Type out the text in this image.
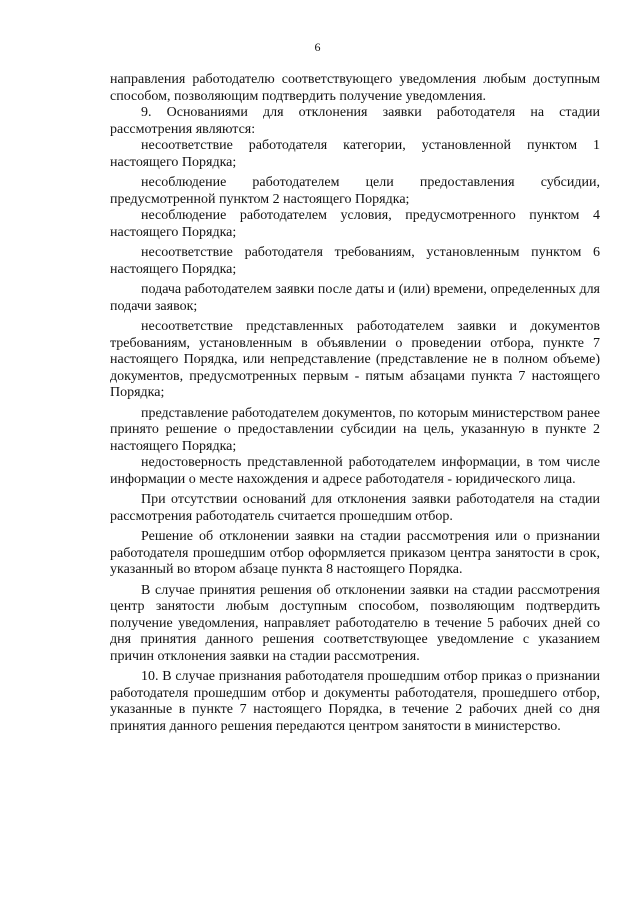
6

направления работодателю соответствующего уведомления любым доступным способом, позволяющим подтвердить получение уведомления.

9. Основаниями для отклонения заявки работодателя на стадии рассмотрения являются:

несоответствие работодателя категории, установленной пунктом 1 настоящего Порядка;

несоблюдение работодателем цели предоставления субсидии, предусмотренной пунктом 2 настоящего Порядка;

несоблюдение работодателем условия, предусмотренного пунктом 4 настоящего Порядка;

несоответствие работодателя требованиям, установленным пунктом 6 настоящего Порядка;

подача работодателем заявки после даты и (или) времени, определенных для подачи заявок;

несоответствие представленных работодателем заявки и документов требованиям, установленным в объявлении о проведении отбора, пункте 7 настоящего Порядка, или непредставление (представление не в полном объеме) документов, предусмотренных первым - пятым абзацами пункта 7 настоящего Порядка;

представление работодателем документов, по которым министерством ранее принято решение о предоставлении субсидии на цель, указанную в пункте 2 настоящего Порядка;

недостоверность представленной работодателем информации, в том числе информации о месте нахождения и адресе работодателя - юридического лица.

При отсутствии оснований для отклонения заявки работодателя на стадии рассмотрения работодатель считается прошедшим отбор.

Решение об отклонении заявки на стадии рассмотрения или о признании работодателя прошедшим отбор оформляется приказом центра занятости в срок, указанный во втором абзаце пункта 8 настоящего Порядка.

В случае принятия решения об отклонении заявки на стадии рассмотрения центр занятости любым доступным способом, позволяющим подтвердить получение уведомления, направляет работодателю в течение 5 рабочих дней со дня принятия данного решения соответствующее уведомление с указанием причин отклонения заявки на стадии рассмотрения.

10. В случае признания работодателя прошедшим отбор приказ о признании работодателя прошедшим отбор и документы работодателя, прошедшего отбор, указанные в пункте 7 настоящего Порядка, в течение 2 рабочих дней со дня принятия данного решения передаются центром занятости в министерство.
